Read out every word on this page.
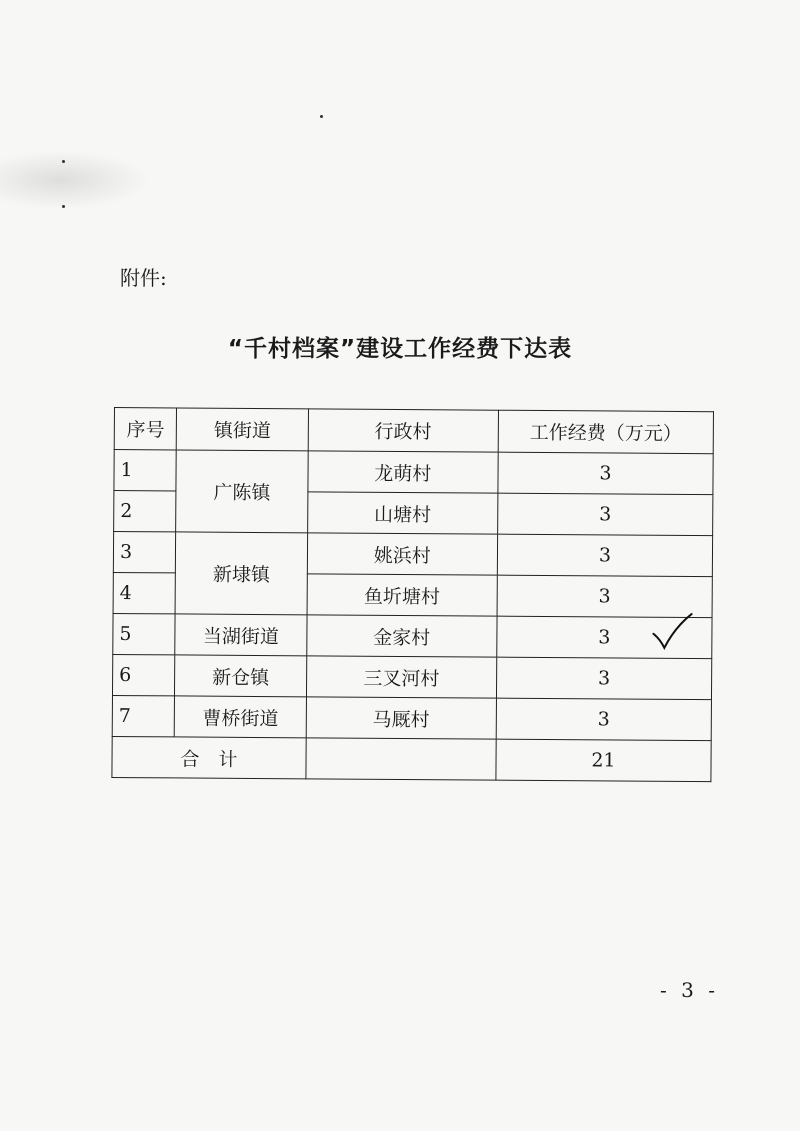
附件:
“千村档案”建设工作经费下达表
序号	镇街道	行政村	工作经费（万元）
1	广陈镇	龙萌村	3
2		山塘村	3
3	新埭镇	姚浜村	3
4		鱼圻塘村	3
5	当湖街道	金家村	3

6	新仓镇	三叉河村	3
7	曹桥街道	马厩村	3
合　计			21
- 3 -
